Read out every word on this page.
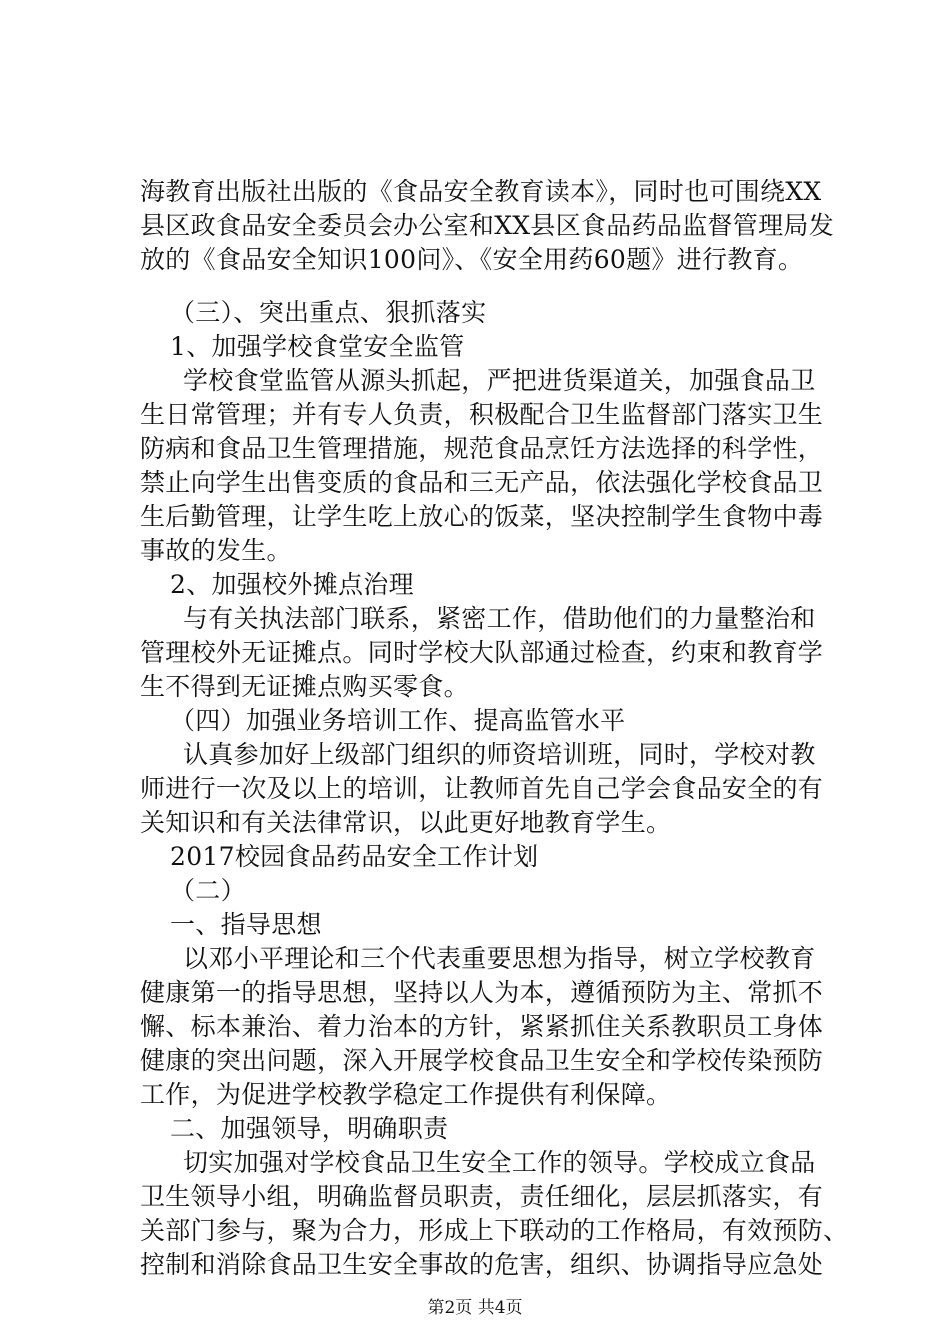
海教育出版社出版的《食品安全教育读本》，同时也可围绕XX
县区政食品安全委员会办公室和XX县区食品药品监督管理局发
放的《食品安全知识100问》、《安全用药60题》进行教育。
（三）、突出重点、狠抓落实
1、加强学校食堂安全监管
学校食堂监管从源头抓起，严把进货渠道关，加强食品卫
生日常管理；并有专人负责，积极配合卫生监督部门落实卫生
防病和食品卫生管理措施，规范食品烹饪方法选择的科学性，
禁止向学生出售变质的食品和三无产品，依法强化学校食品卫
生后勤管理，让学生吃上放心的饭菜，坚决控制学生食物中毒
事故的发生。
2、加强校外摊点治理
与有关执法部门联系，紧密工作，借助他们的力量整治和
管理校外无证摊点。同时学校大队部通过检查，约束和教育学
生不得到无证摊点购买零食。
（四）加强业务培训工作、提高监管水平
认真参加好上级部门组织的师资培训班，同时，学校对教
师进行一次及以上的培训，让教师首先自己学会食品安全的有
关知识和有关法律常识，以此更好地教育学生。
2017校园食品药品安全工作计划
（二）
一、指导思想
以邓小平理论和三个代表重要思想为指导，树立学校教育
健康第一的指导思想，坚持以人为本，遵循预防为主、常抓不
懈、标本兼治、着力治本的方针，紧紧抓住关系教职员工身体
健康的突出问题，深入开展学校食品卫生安全和学校传染预防
工作，为促进学校教学稳定工作提供有利保障。
二、加强领导，明确职责
切实加强对学校食品卫生安全工作的领导。学校成立食品
卫生领导小组，明确监督员职责，责任细化，层层抓落实，有
关部门参与，聚为合力，形成上下联动的工作格局，有效预防、
控制和消除食品卫生安全事故的危害，组织、协调指导应急处
第2页 共4页
